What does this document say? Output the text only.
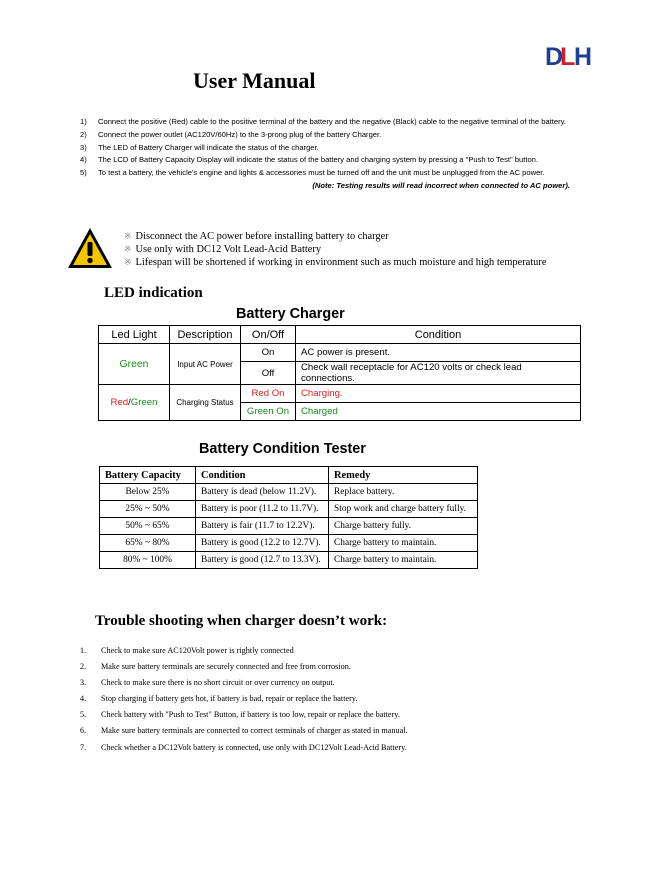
D
L H
User Manual
1)	Connect the positive (Red) cable to the positive terminal of the battery and the negative (Black) cable to the negative terminal of the battery.
2)	Connect the power outlet (AC120V/60Hz) to the 3-prong plug of the battery Charger.
3)	The LED of Battery Charger will indicate the status of the charger.
4)	The LCD of Battery Capacity Display will indicate the status of the battery and charging system by pressing a "Push to Test" button.
5)	To test a battery, the vehicle's engine and lights & accessories must be turned off and the unit must be unplugged from the AC power.
(Note: Testing results will read incorrect when connected to AC power).
※ Disconnect the AC power before installing battery to charger
※ Use only with DC12 Volt Lead-Acid Battery
※ Lifespan will be shortened if working in environment such as much moisture and high temperature
LED indication
Battery Charger
Led Light	Description	On/Off	Condition
Green	Input AC Power	On	AC power is present.
		Off	Check wall receptacle for AC120 volts or check lead connections.
Red/Green	Charging Status	Red On	Charging.
		Green On	Charged
Battery Condition Tester
Battery Capacity	Condition	Remedy
Below 25%	Battery is dead (below 11.2V).	Replace battery.
25% ~ 50%	Battery is poor (11.2 to 11.7V).	Stop work and charge battery fully.
50% ~ 65%	Battery is fair (11.7 to 12.2V).	Charge battery fully.
65% ~ 80%	Battery is good (12.2 to 12.7V).	Charge battery to maintain.
80% ~ 100%	Battery is good (12.7 to 13.3V).	Charge battery to maintain.
Trouble shooting when charger doesn’t work:
1.	Check to make sure AC120Volt power is rightly connected
2.	Make sure battery terminals are securely connected and free from corrosion.
3.	Check to make sure there is no short circuit or over currency on output.
4.	Stop charging if battery gets hot, if battery is bad, repair or replace the battery.
5.	Check battery with "Push to Test" Button, if battery is too low, repair or replace the battery.
6.	Make sure battery terminals are connected to correct terminals of charger as stated in manual.
7.	Check whether a DC12Volt battery is connected, use only with DC12Volt Lead-Acid Battery.
